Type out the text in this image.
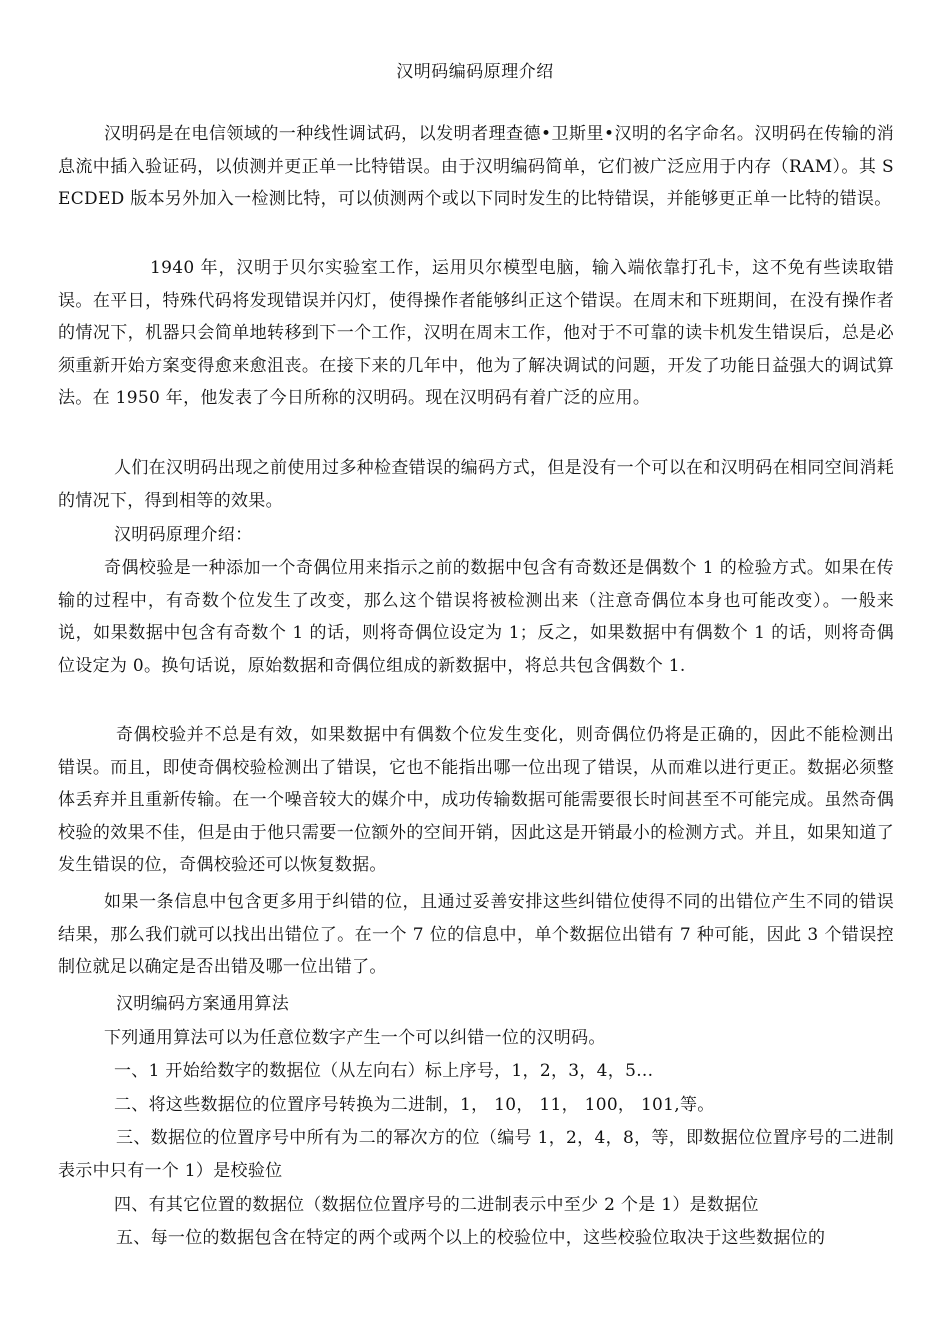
汉明码编码原理介绍

汉明码是在电信领域的一种线性调试码，以发明者理查德•卫斯里•汉明的名字命名。汉明码在传输的消息流中插入验证码，以侦测并更正单一比特错误。由于汉明编码简单，它们被广泛应用于内存（RAM）。其 SECDED 版本另外加入一检测比特，可以侦测两个或以下同时发生的比特错误，并能够更正单一比特的错误。

1940 年，汉明于贝尔实验室工作，运用贝尔模型电脑，输入端依靠打孔卡，这不免有些读取错误。在平日，特殊代码将发现错误并闪灯，使得操作者能够纠正这个错误。在周末和下班期间，在没有操作者的情况下，机器只会简单地转移到下一个工作，汉明在周末工作，他对于不可靠的读卡机发生错误后，总是必须重新开始方案变得愈来愈沮丧。在接下来的几年中，他为了解决调试的问题，开发了功能日益强大的调试算法。在 1950 年，他发表了今日所称的汉明码。现在汉明码有着广泛的应用。

人们在汉明码出现之前使用过多种检查错误的编码方式，但是没有一个可以在和汉明码在相同空间消耗的情况下，得到相等的效果。

汉明码原理介绍：

奇偶校验是一种添加一个奇偶位用来指示之前的数据中包含有奇数还是偶数个 1 的检验方式。如果在传输的过程中，有奇数个位发生了改变，那么这个错误将被检测出来（注意奇偶位本身也可能改变）。一般来说，如果数据中包含有奇数个 1 的话，则将奇偶位设定为 1；反之，如果数据中有偶数个 1 的话，则将奇偶位设定为 0。换句话说，原始数据和奇偶位组成的新数据中，将总共包含偶数个 1.

奇偶校验并不总是有效，如果数据中有偶数个位发生变化，则奇偶位仍将是正确的，因此不能检测出错误。而且，即使奇偶校验检测出了错误，它也不能指出哪一位出现了错误，从而难以进行更正。数据必须整体丢弃并且重新传输。在一个噪音较大的媒介中，成功传输数据可能需要很长时间甚至不可能完成。虽然奇偶校验的效果不佳，但是由于他只需要一位额外的空间开销，因此这是开销最小的检测方式。并且，如果知道了发生错误的位，奇偶校验还可以恢复数据。

如果一条信息中包含更多用于纠错的位，且通过妥善安排这些纠错位使得不同的出错位产生不同的错误结果，那么我们就可以找出出错位了。在一个 7 位的信息中，单个数据位出错有 7 种可能，因此 3 个错误控制位就足以确定是否出错及哪一位出错了。

汉明编码方案通用算法

下列通用算法可以为任意位数字产生一个可以纠错一位的汉明码。

一、1 开始给数字的数据位（从左向右）标上序号，1，2，3，4，5...

二、将这些数据位的位置序号转换为二进制，1， 10， 11， 100， 101,等。

三、数据位的位置序号中所有为二的幂次方的位（编号 1，2，4，8，等，即数据位位置序号的二进制表示中只有一个 1）是校验位

四、有其它位置的数据位（数据位位置序号的二进制表示中至少 2 个是 1）是数据位

五、每一位的数据包含在特定的两个或两个以上的校验位中，这些校验位取决于这些数据位的
